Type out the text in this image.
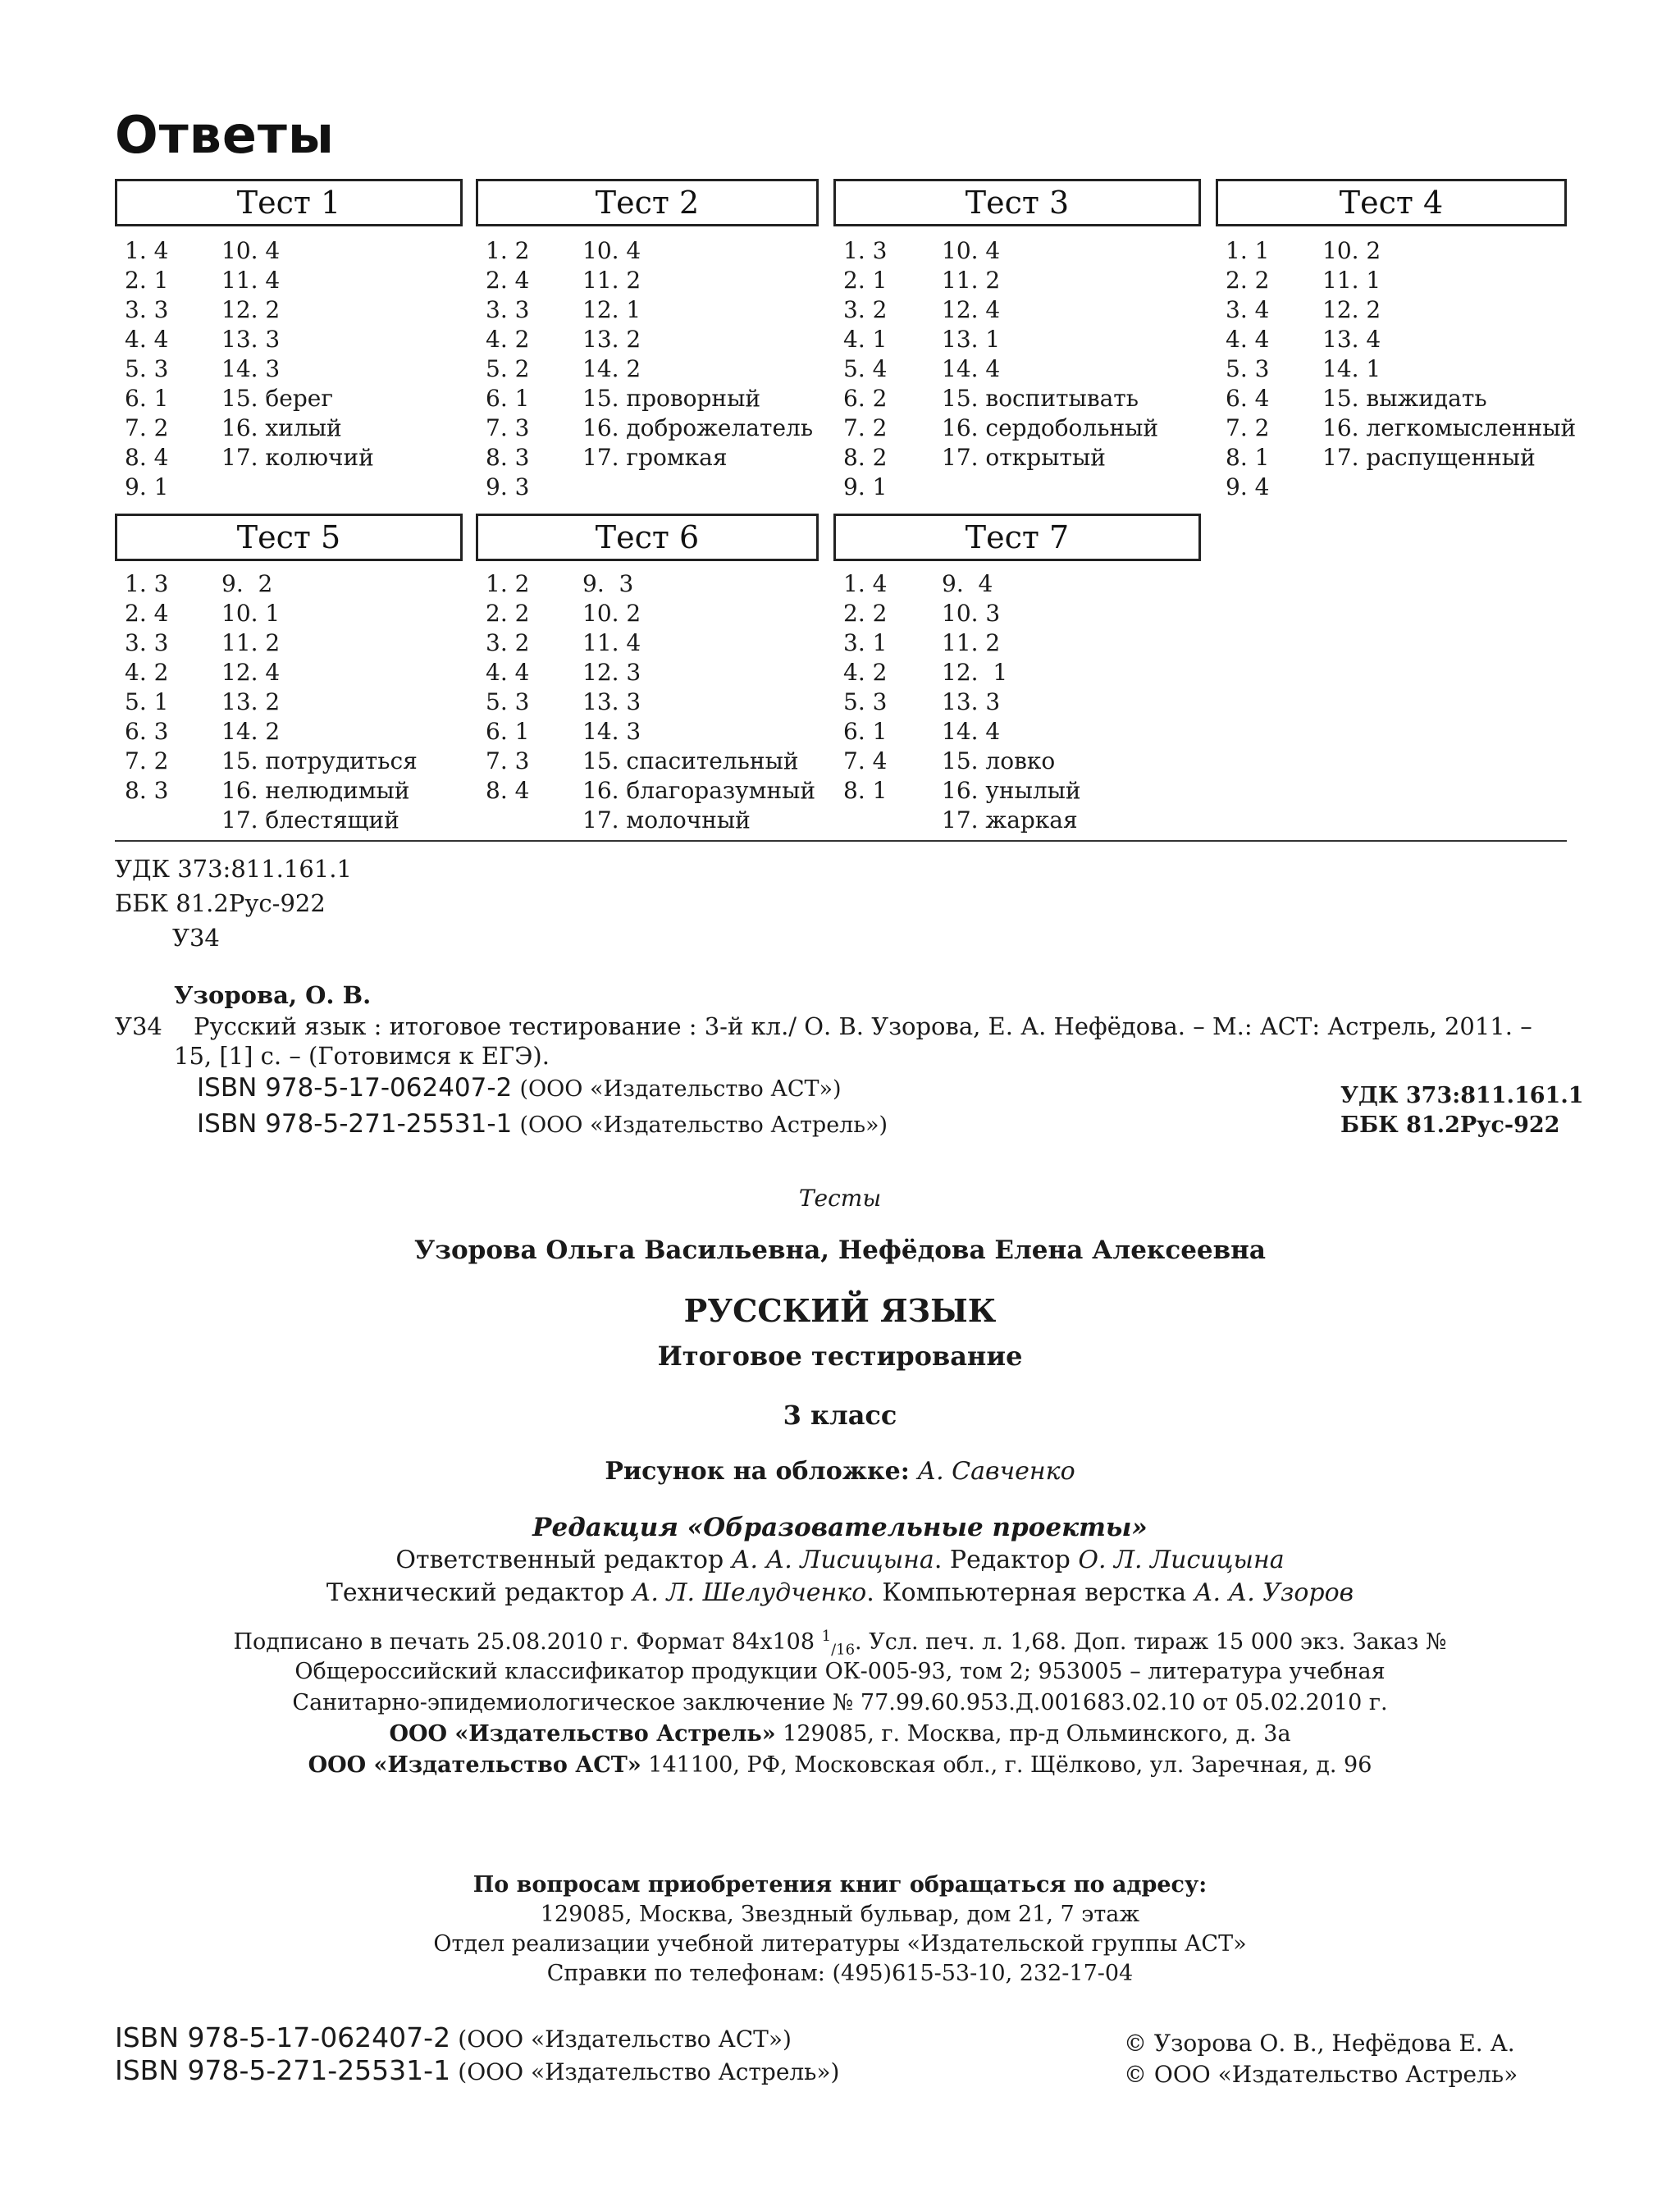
Ответы
Тест 1
1. 4 10. 4
2. 1 11. 4
3. 3 12. 2
4. 4 13. 3
5. 3 14. 3
6. 1 15. берег
7. 2 16. хилый
8. 4 17. колючий
9. 1
Тест 2
1. 2 10. 4
2. 4 11. 2
3. 3 12. 1
4. 2 13. 2
5. 2 14. 2
6. 1 15. проворный
7. 3 16. доброжелатель
8. 3 17. громкая
9. 3
Тест 3
1. 3 10. 4
2. 1 11. 2
3. 2 12. 4
4. 1 13. 1
5. 4 14. 4
6. 2 15. воспитывать
7. 2 16. сердобольный
8. 2 17. открытый
9. 1
Тест 4
1. 1 10. 2
2. 2 11. 1
3. 4 12. 2
4. 4 13. 4
5. 3 14. 1
6. 4 15. выжидать
7. 2 16. легкомысленный
8. 1 17. распущенный
9. 4
Тест 5
1. 3 9.  2
2. 4 10. 1
3. 3 11. 2
4. 2 12. 4
5. 1 13. 2
6. 3 14. 2
7. 2 15. потрудиться
8. 3 16. нелюдимый
17. блестящий
Тест 6
1. 2 9.  3
2. 2 10. 2
3. 2 11. 4
4. 4 12. 3
5. 3 13. 3
6. 1 14. 3
7. 3 15. спасительный
8. 4 16. благоразумный
17. молочный
Тест 7
1. 4 9.  4
2. 2 10. 3
3. 1 11. 2
4. 2 12.  1
5. 3 13. 3
6. 1 14. 4
7. 4 15. ловко
8. 1 16. унылый
17. жаркая
УДК 373:811.161.1
ББК 81.2Рус-922
У34
Узорова, О. В.
У34 Русский язык : итоговое тестирование : 3-й кл./ О. В. Узорова, Е. А. Нефёдова. – М.: АСТ: Астрель, 2011. –
15, [1] с. – (Готовимся к ЕГЭ).
ISBN 978-5-17-062407-2 (ООО «Издательство АСТ»)
ISBN 978-5-271-25531-1 (ООО «Издательство Астрель»)
УДК 373:811.161.1
ББК 81.2Рус-922
Тесты
Узорова Ольга Васильевна, Нефёдова Елена Алексеевна
РУССКИЙ ЯЗЫК
Итоговое тестирование
3 класс
Рисунок на обложке: А. Савченко
Редакция «Образовательные проекты»
Ответственный редактор А. А. Лисицына. Редактор О. Л. Лисицына
Технический редактор А. Л. Шелудченко. Компьютерная верстка А. А. Узоров
Подписано в печать 25.08.2010 г. Формат 84x108 $^1_{/16}$. Усл. печ. л. 1,68. Доп. тираж 15 000 экз. Заказ №
Общероссийский классификатор продукции ОК-005-93, том 2; 953005 – литература учебная
Санитарно-эпидемиологическое заключение № 77.99.60.953.Д.001683.02.10 от 05.02.2010 г.
ООО «Издательство Астрель» 129085, г. Москва, пр-д Ольминского, д. 3а
ООО «Издательство АСТ» 141100, РФ, Московская обл., г. Щёлково, ул. Заречная, д. 96
По вопросам приобретения книг обращаться по адресу:
129085, Москва, Звездный бульвар, дом 21, 7 этаж
Отдел реализации учебной литературы «Издательской группы АСТ»
Справки по телефонам: (495)615-53-10, 232-17-04
ISBN 978-5-17-062407-2 (ООО «Издательство АСТ»)
ISBN 978-5-271-25531-1 (ООО «Издательство Астрель»)
© Узорова О. В., Нефёдова Е. А.
© ООО «Издательство Астрель»
